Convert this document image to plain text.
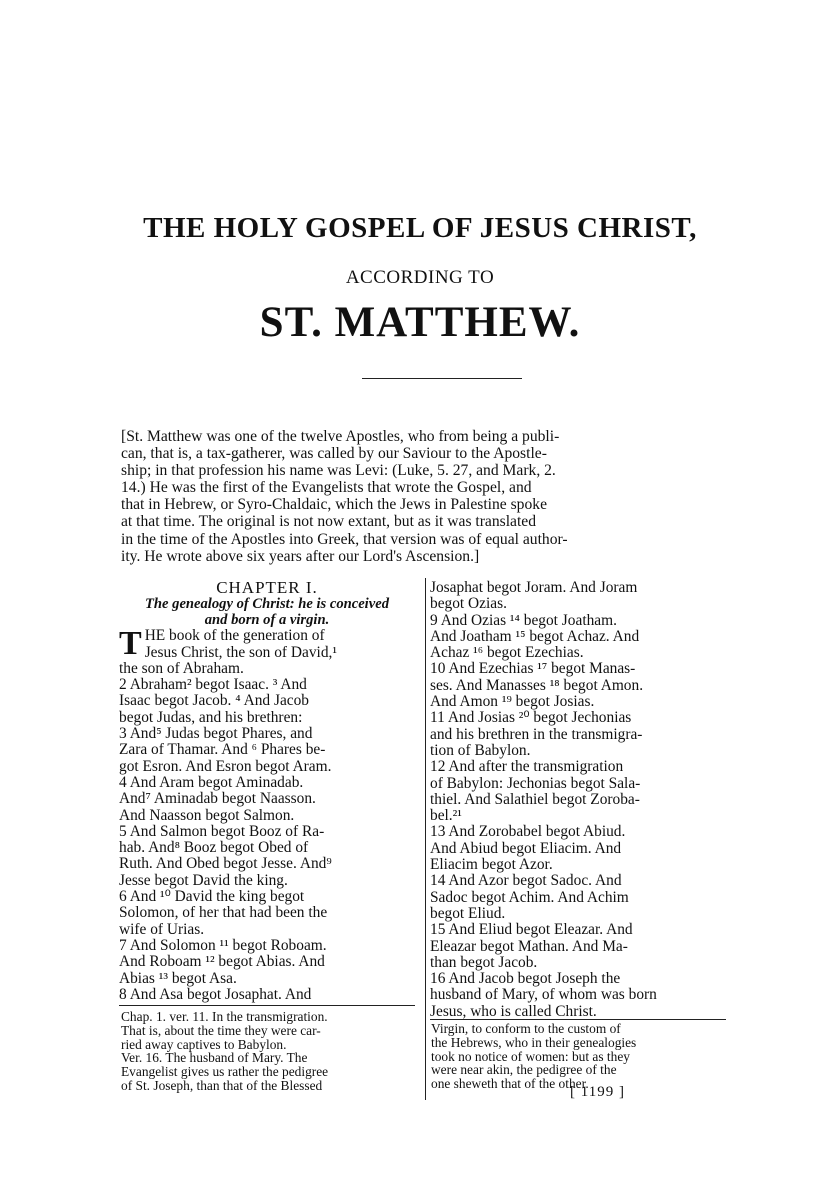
THE HOLY GOSPEL OF JESUS CHRIST,
ACCORDING TO
ST. MATTHEW.
[St. Matthew was one of the twelve Apostles, who from being a publi-
can, that is, a tax-gatherer, was called by our Saviour to the Apostle-
ship; in that profession his name was Levi: (Luke, 5. 27, and Mark, 2.
14.) He was the first of the Evangelists that wrote the Gospel, and
that in Hebrew, or Syro-Chaldaic, which the Jews in Palestine spoke
at that time. The original is not now extant, but as it was translated
in the time of the Apostles into Greek, that version was of equal author-
ity. He wrote above six years after our Lord's Ascension.]
CHAPTER I.
The genealogy of Christ: he is conceived
and born of a virgin.
T HE book of the generation of
Jesus Christ, the son of David,¹
the son of Abraham.
2 Abraham² begot Isaac. ³ And
Isaac begot Jacob. ⁴ And Jacob
begot Judas, and his brethren:
3 And⁵ Judas begot Phares, and
Zara of Thamar. And ⁶ Phares be-
got Esron. And Esron begot Aram.
4 And Aram begot Aminadab.
And⁷ Aminadab begot Naasson.
And Naasson begot Salmon.
5 And Salmon begot Booz of Ra-
hab. And⁸ Booz begot Obed of
Ruth. And Obed begot Jesse. And⁹
Jesse begot David the king.
6 And ¹⁰ David the king begot
Solomon, of her that had been the
wife of Urias.
7 And Solomon ¹¹ begot Roboam.
And Roboam ¹² begot Abias. And
Abias ¹³ begot Asa.
8 And Asa begot Josaphat. And
Josaphat begot Joram. And Joram
begot Ozias.
9 And Ozias ¹⁴ begot Joatham.
And Joatham ¹⁵ begot Achaz. And
Achaz ¹⁶ begot Ezechias.
10 And Ezechias ¹⁷ begot Manas-
ses. And Manasses ¹⁸ begot Amon.
And Amon ¹⁹ begot Josias.
11 And Josias ²⁰ begot Jechonias
and his brethren in the transmigra-
tion of Babylon.
12 And after the transmigration
of Babylon: Jechonias begot Sala-
thiel. And Salathiel begot Zoroba-
bel.²¹
13 And Zorobabel begot Abiud.
And Abiud begot Eliacim. And
Eliacim begot Azor.
14 And Azor begot Sadoc. And
Sadoc begot Achim. And Achim
begot Eliud.
15 And Eliud begot Eleazar. And
Eleazar begot Mathan. And Ma-
than begot Jacob.
16 And Jacob begot Joseph the
husband of Mary, of whom was born
Jesus, who is called Christ.
Chap. 1. ver. 11. In the transmigration.
That is, about the time they were car-
ried away captives to Babylon.
Ver. 16. The husband of Mary. The
Evangelist gives us rather the pedigree
of St. Joseph, than that of the Blessed
Virgin, to conform to the custom of
the Hebrews, who in their genealogies
took no notice of women: but as they
were near akin, the pedigree of the
one sheweth that of the other.
[ 1199 ]
